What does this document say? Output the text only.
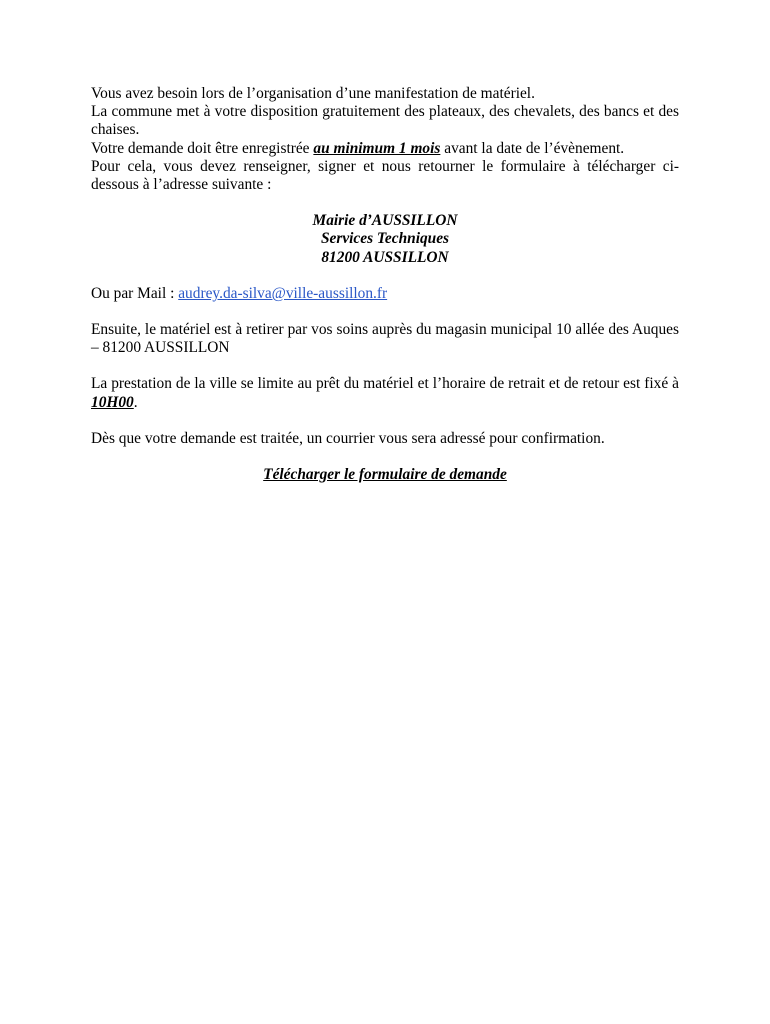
Vous avez besoin lors de l’organisation d’une manifestation de matériel.

La commune met à votre disposition gratuitement des plateaux, des chevalets, des bancs et des chaises.

Votre demande doit être enregistrée au minimum 1 mois avant la date de l’évènement.

Pour cela, vous devez renseigner, signer et nous retourner le formulaire à télécharger ci-dessous à l’adresse suivante :

Mairie d’AUSSILLON
Services Techniques
81200 AUSSILLON

Ou par Mail : audrey.da-silva@ville-aussillon.fr

Ensuite, le matériel est à retirer par vos soins auprès du magasin municipal 10 allée des Auques – 81200 AUSSILLON

La prestation de la ville se limite au prêt du matériel et l’horaire de retrait et de retour est fixé à 10H00.

Dès que votre demande est traitée, un courrier vous sera adressé pour confirmation.

Télécharger le formulaire de demande
